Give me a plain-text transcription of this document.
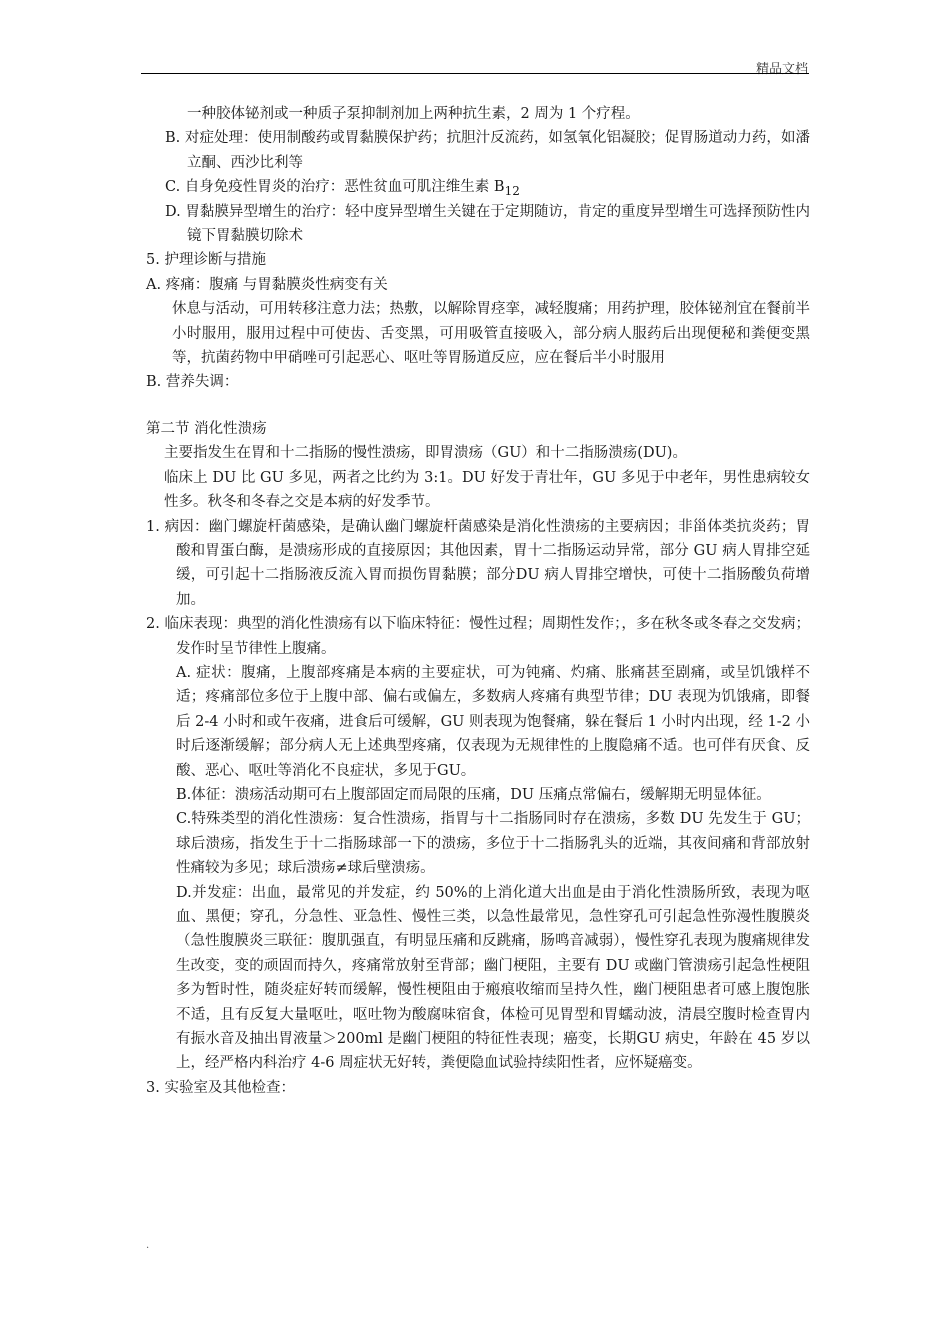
精品文档
一种胶体铋剂或一种质子泵抑制剂加上两种抗生素，2 周为 1 个疗程。
B. 对症处理：使用制酸药或胃黏膜保护药；抗胆汁反流药，如氢氧化铝凝胶；促胃肠道动力药，如潘立酮、西沙比利等
C. 自身免疫性胃炎的治疗：恶性贫血可肌注维生素 $B_{12}$
D. 胃黏膜异型增生的治疗：轻中度异型增生关键在于定期随访，肯定的重度异型增生可选择预防性内镜下胃黏膜切除术
5. 护理诊断与措施
A. 疼痛：腹痛 与胃黏膜炎性病变有关
休息与活动，可用转移注意力法；热敷，以解除胃痉挛，减轻腹痛；用药护理，胶体铋剂宜在餐前半小时服用，服用过程中可使齿、舌变黑，可用吸管直接吸入，部分病人服药后出现便秘和粪便变黑等，抗菌药物中甲硝唑可引起恶心、呕吐等胃肠道反应，应在餐后半小时服用
B. 营养失调：
第二节 消化性溃疡
主要指发生在胃和十二指肠的慢性溃疡，即胃溃疡（GU）和十二指肠溃疡(DU)。
临床上 DU 比 GU 多见，两者之比约为 3:1。DU 好发于青壮年，GU 多见于中老年，男性患病较女性多。秋冬和冬春之交是本病的好发季节。
1. 病因：幽门螺旋杆菌感染，是确认幽门螺旋杆菌感染是消化性溃疡的主要病因；非甾体类抗炎药；胃酸和胃蛋白酶，是溃疡形成的直接原因；其他因素，胃十二指肠运动异常，部分 GU 病人胃排空延缓，可引起十二指肠液反流入胃而损伤胃黏膜；部分DU 病人胃排空增快，可使十二指肠酸负荷增加。
2. 临床表现：典型的消化性溃疡有以下临床特征：慢性过程；周期性发作；，多在秋冬或冬春之交发病；发作时呈节律性上腹痛。
A. 症状：腹痛，上腹部疼痛是本病的主要症状，可为钝痛、灼痛、胀痛甚至剧痛，或呈饥饿样不适；疼痛部位多位于上腹中部、偏右或偏左，多数病人疼痛有典型节律；DU 表现为饥饿痛，即餐后 2-4 小时和或午夜痛，进食后可缓解，GU 则表现为饱餐痛，躲在餐后 1 小时内出现，经 1-2 小时后逐渐缓解；部分病人无上述典型疼痛，仅表现为无规律性的上腹隐痛不适。也可伴有厌食、反酸、恶心、呕吐等消化不良症状，多见于GU。
B.体征：溃疡活动期可右上腹部固定而局限的压痛，DU 压痛点常偏右，缓解期无明显体征。
C.特殊类型的消化性溃疡：复合性溃疡，指胃与十二指肠同时存在溃疡，多数 DU 先发生于 GU；球后溃疡，指发生于十二指肠球部一下的溃疡，多位于十二指肠乳头的近端，其夜间痛和背部放射性痛较为多见；球后溃疡≠球后壁溃疡。
D.并发症：出血，最常见的并发症，约 50%的上消化道大出血是由于消化性溃肠所致，表现为呕血、黑便；穿孔，分急性、亚急性、慢性三类，以急性最常见，急性穿孔可引起急性弥漫性腹膜炎（急性腹膜炎三联征：腹肌强直，有明显压痛和反跳痛，肠鸣音减弱），慢性穿孔表现为腹痛规律发生改变，变的顽固而持久，疼痛常放射至背部；幽门梗阻，主要有 DU 或幽门管溃疡引起急性梗阻多为暂时性，随炎症好转而缓解，慢性梗阻由于瘢痕收缩而呈持久性，幽门梗阻患者可感上腹饱胀不适，且有反复大量呕吐，呕吐物为酸腐味宿食，体检可见胃型和胃蠕动波，清晨空腹时检查胃内有振水音及抽出胃液量＞200ml 是幽门梗阻的特征性表现；癌变，长期GU 病史，年龄在 45 岁以上，经严格内科治疗 4-6 周症状无好转，粪便隐血试验持续阳性者，应怀疑癌变。
3. 实验室及其他检查：
.
